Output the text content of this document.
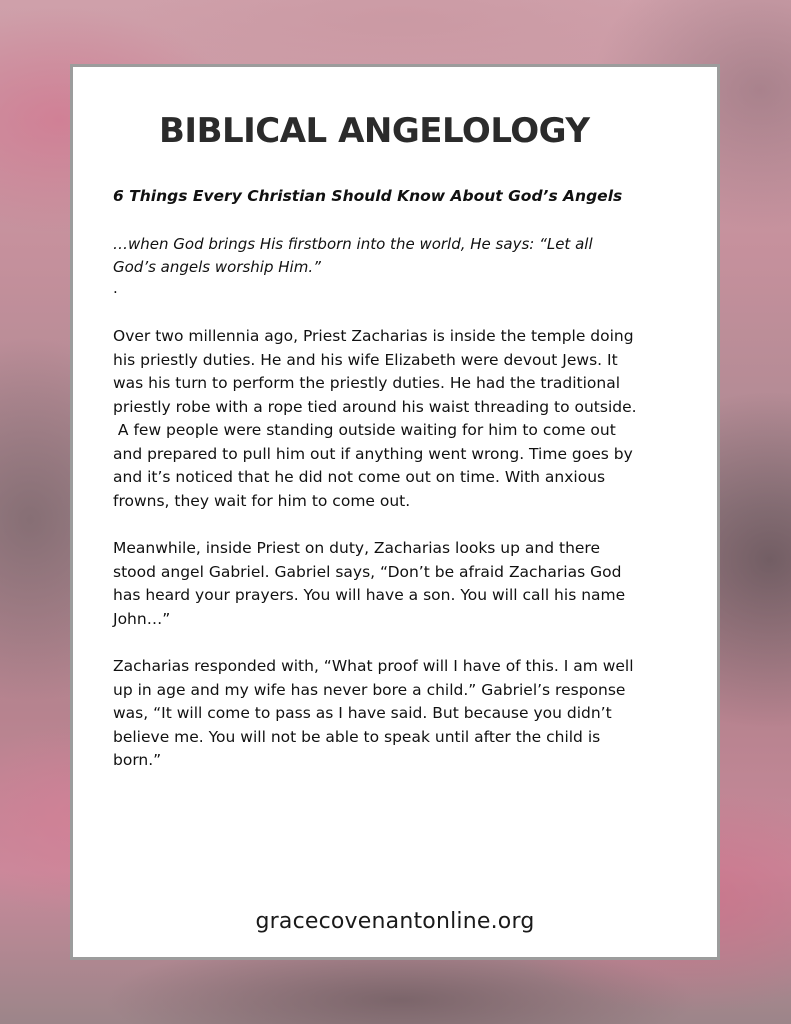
BIBLICAL ANGELOLOGY

6 Things Every Christian Should Know About God’s Angels

…when God brings His firstborn into the world, He says: “Let all
God’s angels worship Him.”

.

Over two millennia ago, Priest Zacharias is inside the temple doing
his priestly duties. He and his wife Elizabeth were devout Jews. It
was his turn to perform the priestly duties. He had the traditional
priestly robe with a rope tied around his waist threading to outside.

A few people were standing outside waiting for him to come out
and prepared to pull him out if anything went wrong. Time goes by
and it’s noticed that he did not come out on time. With anxious
frowns, they wait for him to come out.

Meanwhile, inside Priest on duty, Zacharias looks up and there
stood angel Gabriel. Gabriel says, “Don’t be afraid Zacharias God
has heard your prayers. You will have a son. You will call his name
John…”

Zacharias responded with, “What proof will I have of this. I am well
up in age and my wife has never bore a child.” Gabriel’s response
was, “It will come to pass as I have said. But because you didn’t
believe me. You will not be able to speak until after the child is
born.”

gracecovenantonline.org
